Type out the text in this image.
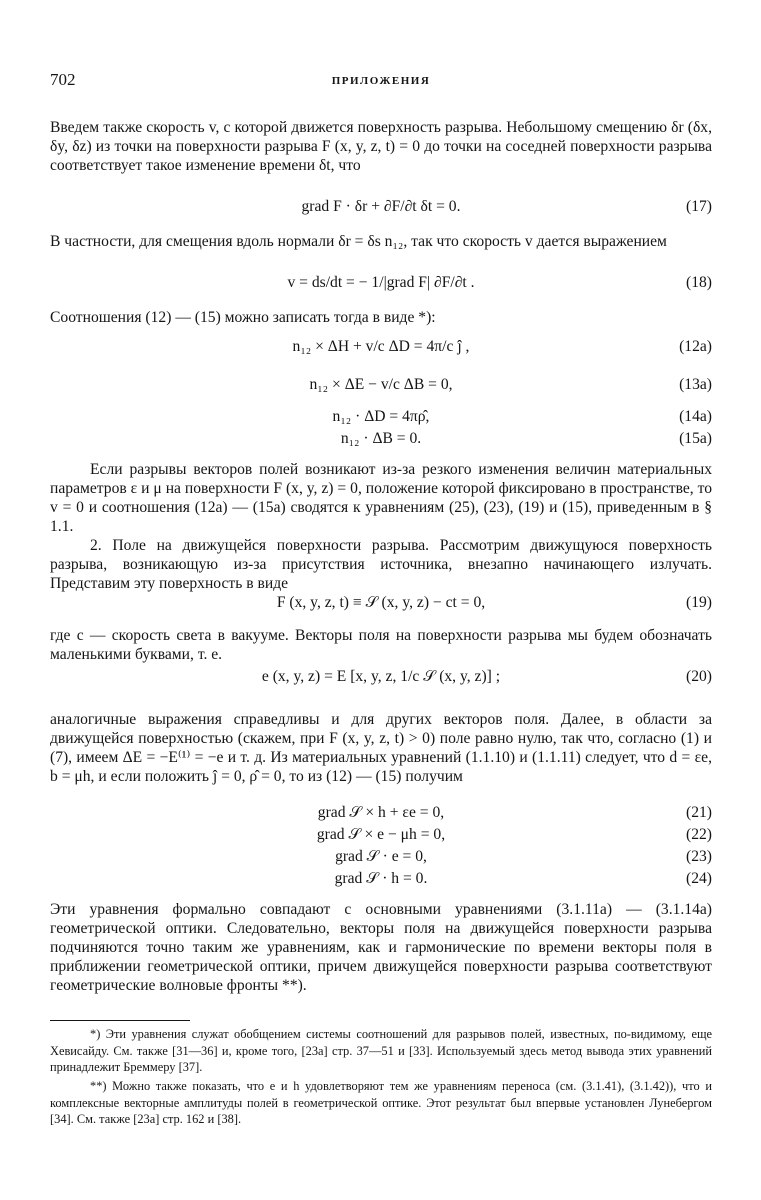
702	ПРИЛОЖЕНИЯ

Введем также скорость v, с которой движется поверхность разрыва. Небольшому смещению δr (δx, δy, δz) из точки на поверхности разрыва F (x, y, z, t) = 0 до точки на соседней поверхности разрыва соответствует такое изменение времени δt, что

grad F · δr + ∂F/∂t δt = 0.	(17)

В частности, для смещения вдоль нормали δr = δs n₁₂, так что скорость v дается выражением

v = ds/dt = − 1/|grad F| ∂F/∂t .	(18)

Соотношения (12) — (15) можно записать тогда в виде *):

n₁₂ × ΔH + v/c ΔD = 4π/c ĵ ,	(12a)
n₁₂ × ΔE − v/c ΔB = 0,	(13a)
n₁₂ · ΔD = 4πρ̂,	(14a)
n₁₂ · ΔB = 0.	(15a)

Если разрывы векторов полей возникают из-за резкого изменения величин материальных параметров ε и μ на поверхности F (x, y, z) = 0, положение которой фиксировано в пространстве, то v = 0 и соотношения (12a) — (15a) сводятся к уравнениям (25), (23), (19) и (15), приведенным в § 1.1.

2. Поле на движущейся поверхности разрыва. Рассмотрим движущуюся поверхность разрыва, возникающую из-за присутствия источника, внезапно начинающего излучать. Представим эту поверхность в виде

F (x, y, z, t) ≡ 𝒮 (x, y, z) − ct = 0,	(19)

где c — скорость света в вакууме. Векторы поля на поверхности разрыва мы будем обозначать маленькими буквами, т. е.

e (x, y, z) = E [x, y, z, 1/c 𝒮 (x, y, z)] ;	(20)

аналогичные выражения справедливы и для других векторов поля. Далее, в области за движущейся поверхностью (скажем, при F (x, y, z, t) > 0) поле равно нулю, так что, согласно (1) и (7), имеем ΔE = −E⁽¹⁾ = −e и т. д. Из материальных уравнений (1.1.10) и (1.1.11) следует, что d = εe, b = μh, и если положить ĵ = 0, ρ̂ = 0, то из (12) — (15) получим

grad 𝒮 × h + εe = 0,	(21)
grad 𝒮 × e − μh = 0,	(22)
grad 𝒮 · e = 0,	(23)
grad 𝒮 · h = 0.	(24)

Эти уравнения формально совпадают с основными уравнениями (3.1.11a) — (3.1.14a) геометрической оптики. Следовательно, векторы поля на движущейся поверхности разрыва подчиняются точно таким же уравнениям, как и гармонические по времени векторы поля в приближении геометрической оптики, причем движущейся поверхности разрыва соответствуют геометрические волновые фронты **).

*) Эти уравнения служат обобщением системы соотношений для разрывов полей, известных, по-видимому, еще Хевисайду. См. также [31—36] и, кроме того, [23a] стр. 37—51 и [33]. Используемый здесь метод вывода этих уравнений принадлежит Бреммеру [37].

**) Можно также показать, что e и h удовлетворяют тем же уравнениям переноса (см. (3.1.41), (3.1.42)), что и комплексные векторные амплитуды полей в геометрической оптике. Этот результат был впервые установлен Лунебергом [34]. См. также [23a] стр. 162 и [38].
